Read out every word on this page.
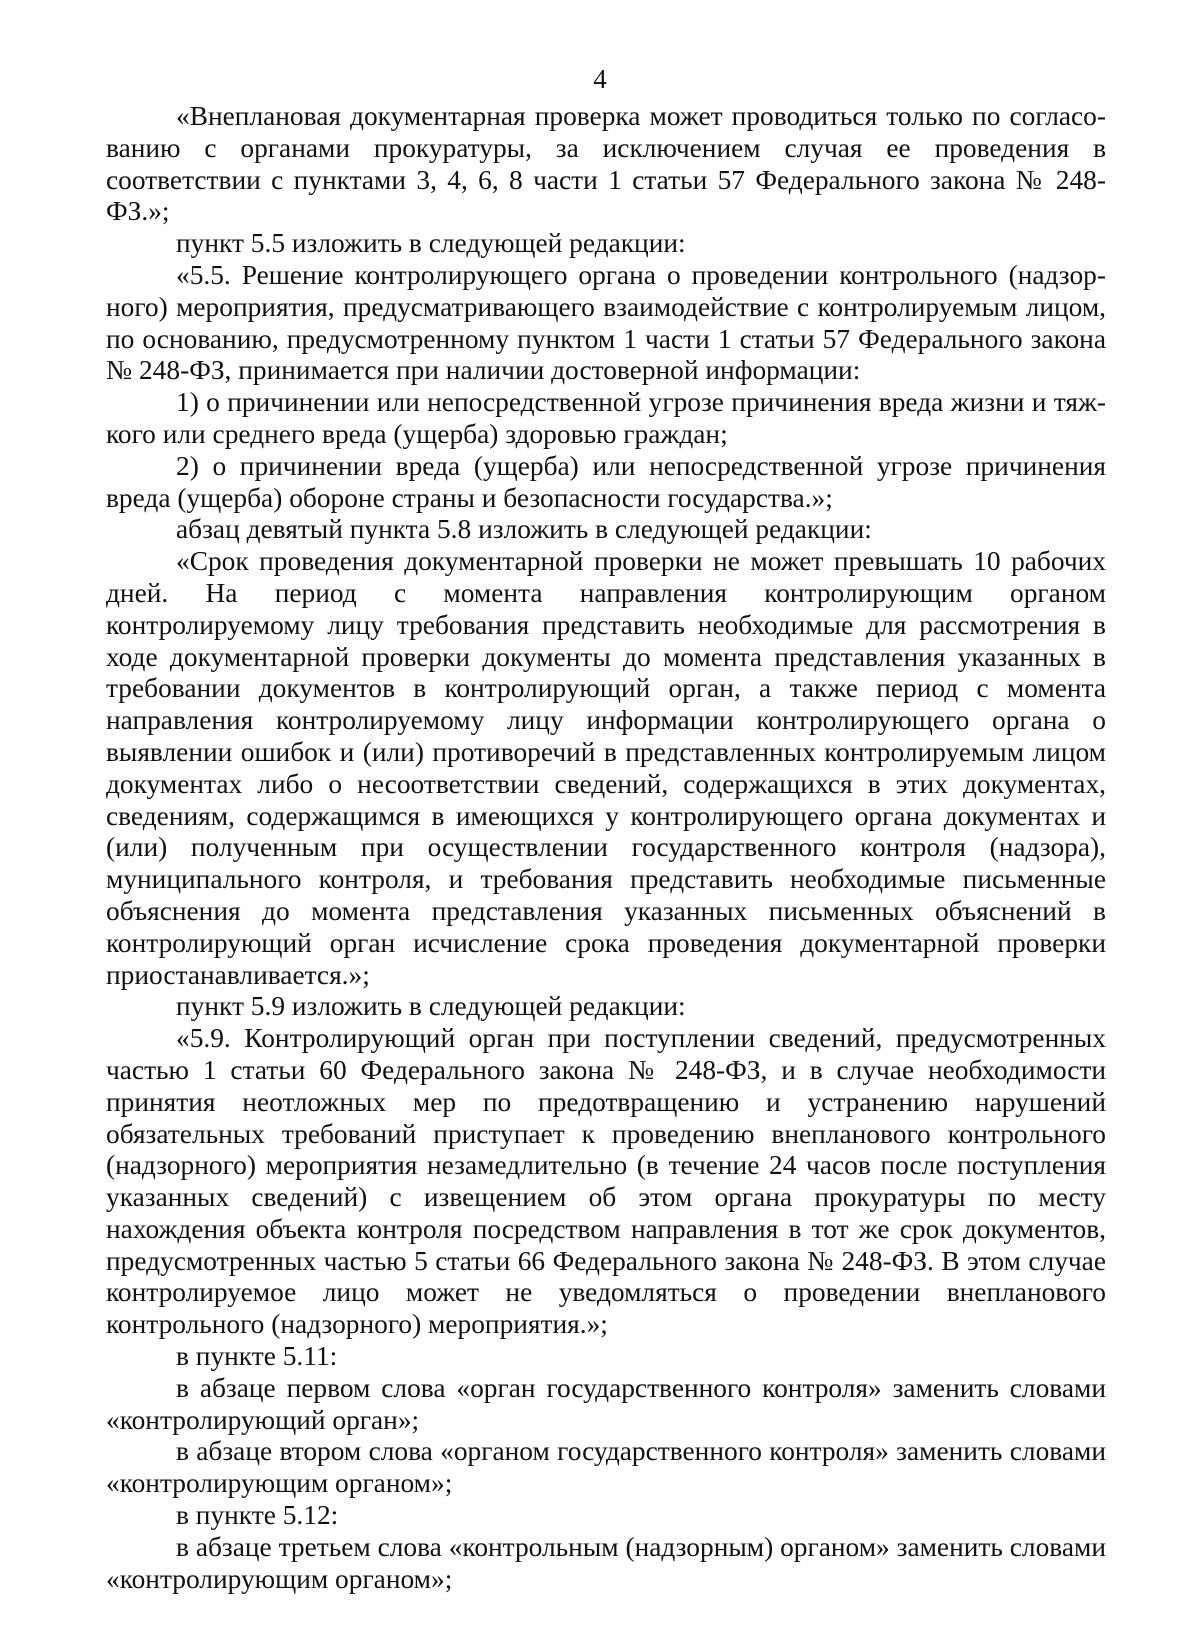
4

«Внеплановая документарная проверка может проводиться только по согласованию с органами прокуратуры, за исключением случая ее проведения в соответствии с пунктами 3, 4, 6, 8 части 1 статьи 57 Федерального закона № 248-ФЗ.»;

пункт 5.5 изложить в следующей редакции:

«5.5. Решение контролирующего органа о проведении контрольного (надзорного) мероприятия, предусматривающего взаимодействие с контролируемым лицом, по основанию, предусмотренному пунктом 1 части 1 статьи 57 Федерального закона № 248-ФЗ, принимается при наличии достоверной информации:

1) о причинении или непосредственной угрозе причинения вреда жизни и тяжкого или среднего вреда (ущерба) здоровью граждан;

2) о причинении вреда (ущерба) или непосредственной угрозе причинения вреда (ущерба) обороне страны и безопасности государства.»;

абзац девятый пункта 5.8 изложить в следующей редакции:

«Срок проведения документарной проверки не может превышать 10 рабочих дней. На период с момента направления контролирующим органом контролируемому лицу требования представить необходимые для рассмотрения в ходе документарной проверки документы до момента представления указанных в требовании документов в контролирующий орган, а также период с момента направления контролируемому лицу информации контролирующего органа о выявлении ошибок и (или) противоречий в представленных контролируемым лицом документах либо о несоответствии сведений, содержащихся в этих документах, сведениям, содержащимся в имеющихся у контролирующего органа документах и (или) полученным при осуществлении государственного контроля (надзора), муниципального контроля, и требования представить необходимые письменные объяснения до момента представления указанных письменных объяснений в контролирующий орган исчисление срока проведения документарной проверки приостанавливается.»;

пункт 5.9 изложить в следующей редакции:

«5.9. Контролирующий орган при поступлении сведений, предусмотренных частью 1 статьи 60 Федерального закона № 248-ФЗ, и в случае необходимости принятия неотложных мер по предотвращению и устранению нарушений обязательных требований приступает к проведению внепланового контрольного (надзорного) мероприятия незамедлительно (в течение 24 часов после поступления указанных сведений) с извещением об этом органа прокуратуры по месту нахождения объекта контроля посредством направления в тот же срок документов, предусмотренных частью 5 статьи 66 Федерального закона № 248-ФЗ. В этом случае контролируемое лицо может не уведомляться о проведении внепланового контрольного (надзорного) мероприятия.»;

в пункте 5.11:

в абзаце первом слова «орган государственного контроля» заменить словами «контролирующий орган»;

в абзаце втором слова «органом государственного контроля» заменить словами «контролирующим органом»;

в пункте 5.12:

в абзаце третьем слова «контрольным (надзорным) органом» заменить словами «контролирующим органом»;
